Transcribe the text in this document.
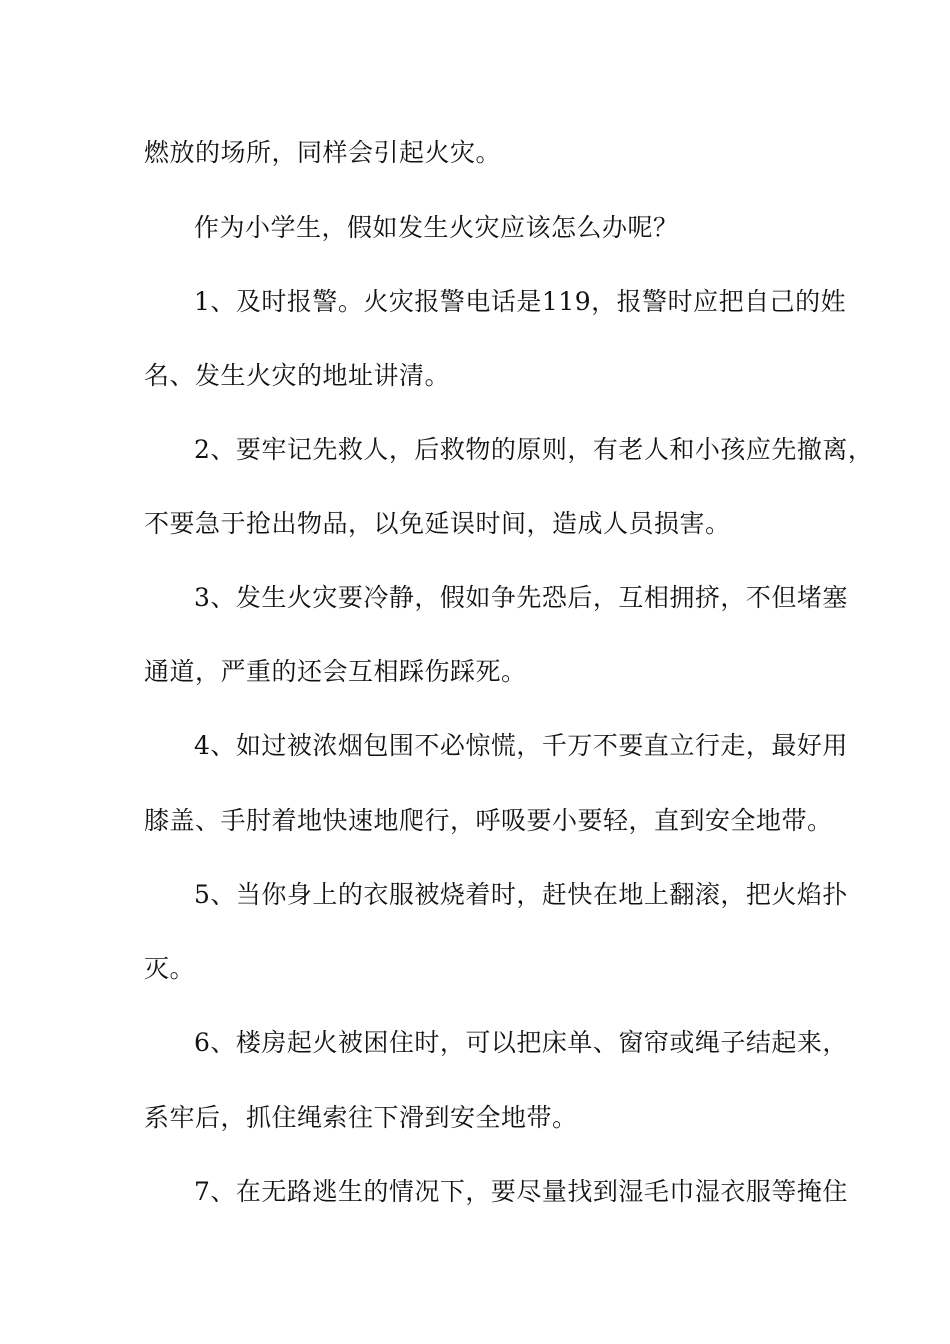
燃放的场所，同样会引起火灾。
作为小学生，假如发生火灾应该怎么办呢？
1、及时报警。火灾报警电话是119，报警时应把自己的姓
名、发生火灾的地址讲清。
2、要牢记先救人，后救物的原则，有老人和小孩应先撤离，
不要急于抢出物品，以免延误时间，造成人员损害。
3、发生火灾要冷静，假如争先恐后，互相拥挤，不但堵塞
通道，严重的还会互相踩伤踩死。
4、如过被浓烟包围不必惊慌，千万不要直立行走，最好用
膝盖、手肘着地快速地爬行，呼吸要小要轻，直到安全地带。
5、当你身上的衣服被烧着时，赶快在地上翻滚，把火焰扑
灭。
6、楼房起火被困住时，可以把床单、窗帘或绳子结起来，
系牢后，抓住绳索往下滑到安全地带。
7、在无路逃生的情况下，要尽量找到湿毛巾湿衣服等掩住
